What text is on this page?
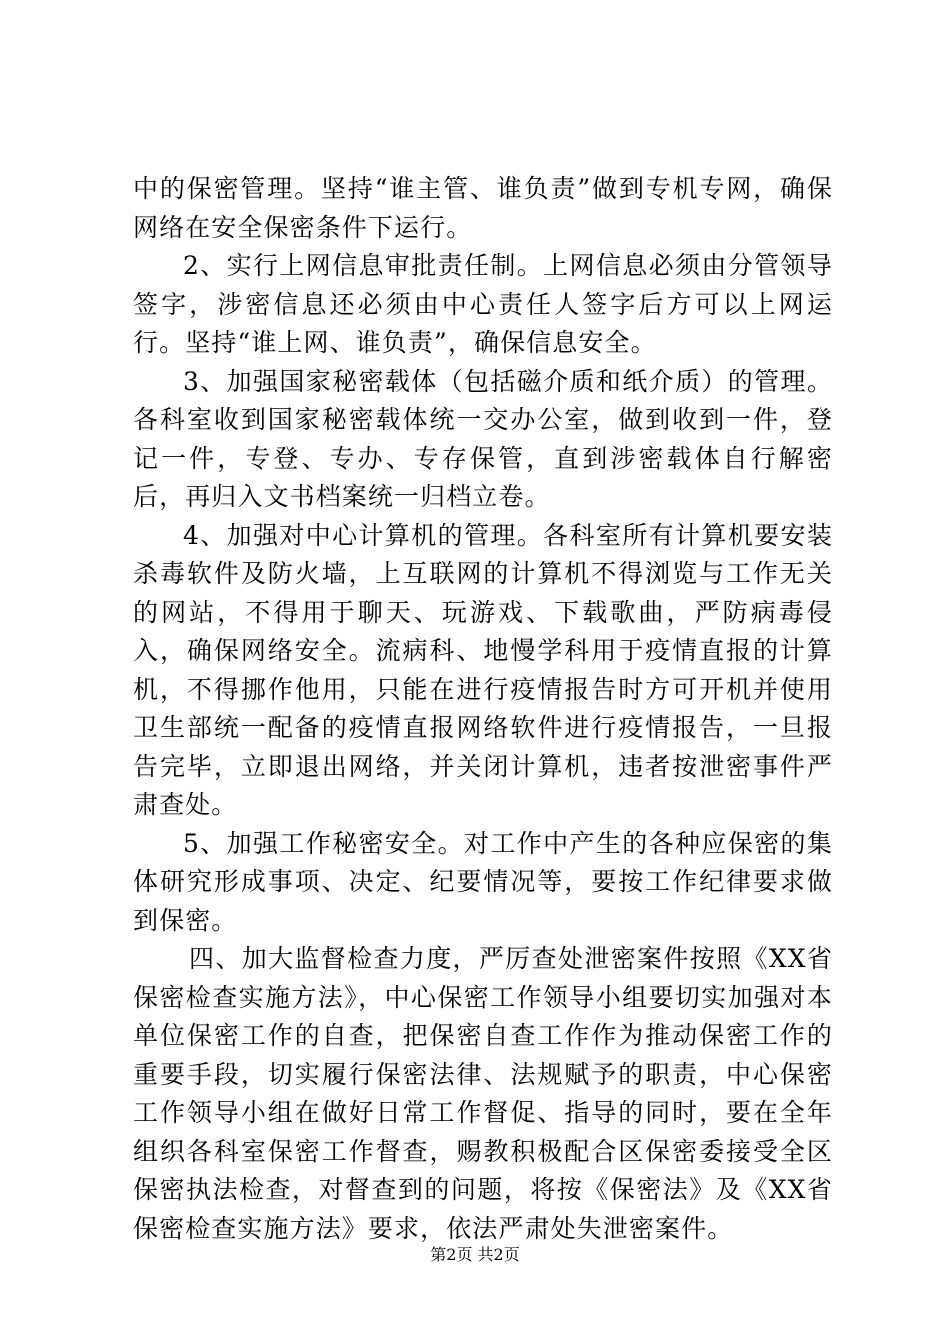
中的保密管理。坚持“谁主管、谁负责”做到专机专网，确保网络在安全保密条件下运行。

2、实行上网信息审批责任制。上网信息必须由分管领导签字，涉密信息还必须由中心责任人签字后方可以上网运行。坚持“谁上网、谁负责”，确保信息安全。

3、加强国家秘密载体（包括磁介质和纸介质）的管理。各科室收到国家秘密载体统一交办公室，做到收到一件，登记一件，专登、专办、专存保管，直到涉密载体自行解密后，再归入文书档案统一归档立卷。

4、加强对中心计算机的管理。各科室所有计算机要安装杀毒软件及防火墙，上互联网的计算机不得浏览与工作无关的网站，不得用于聊天、玩游戏、下载歌曲，严防病毒侵入，确保网络安全。流病科、地慢学科用于疫情直报的计算机，不得挪作他用，只能在进行疫情报告时方可开机并使用卫生部统一配备的疫情直报网络软件进行疫情报告，一旦报告完毕，立即退出网络，并关闭计算机，违者按泄密事件严肃查处。

5、加强工作秘密安全。对工作中产生的各种应保密的集体研究形成事项、决定、纪要情况等，要按工作纪律要求做到保密。

四、加大监督检查力度，严厉查处泄密案件按照《XX省保密检查实施方法》，中心保密工作领导小组要切实加强对本单位保密工作的自查，把保密自查工作作为推动保密工作的重要手段，切实履行保密法律、法规赋予的职责，中心保密工作领导小组在做好日常工作督促、指导的同时，要在全年组织各科室保密工作督查，赐教积极配合区保密委接受全区保密执法检查，对督查到的问题，将按《保密法》及《XX省保密检查实施方法》要求，依法严肃处失泄密案件。

第2页 共2页
